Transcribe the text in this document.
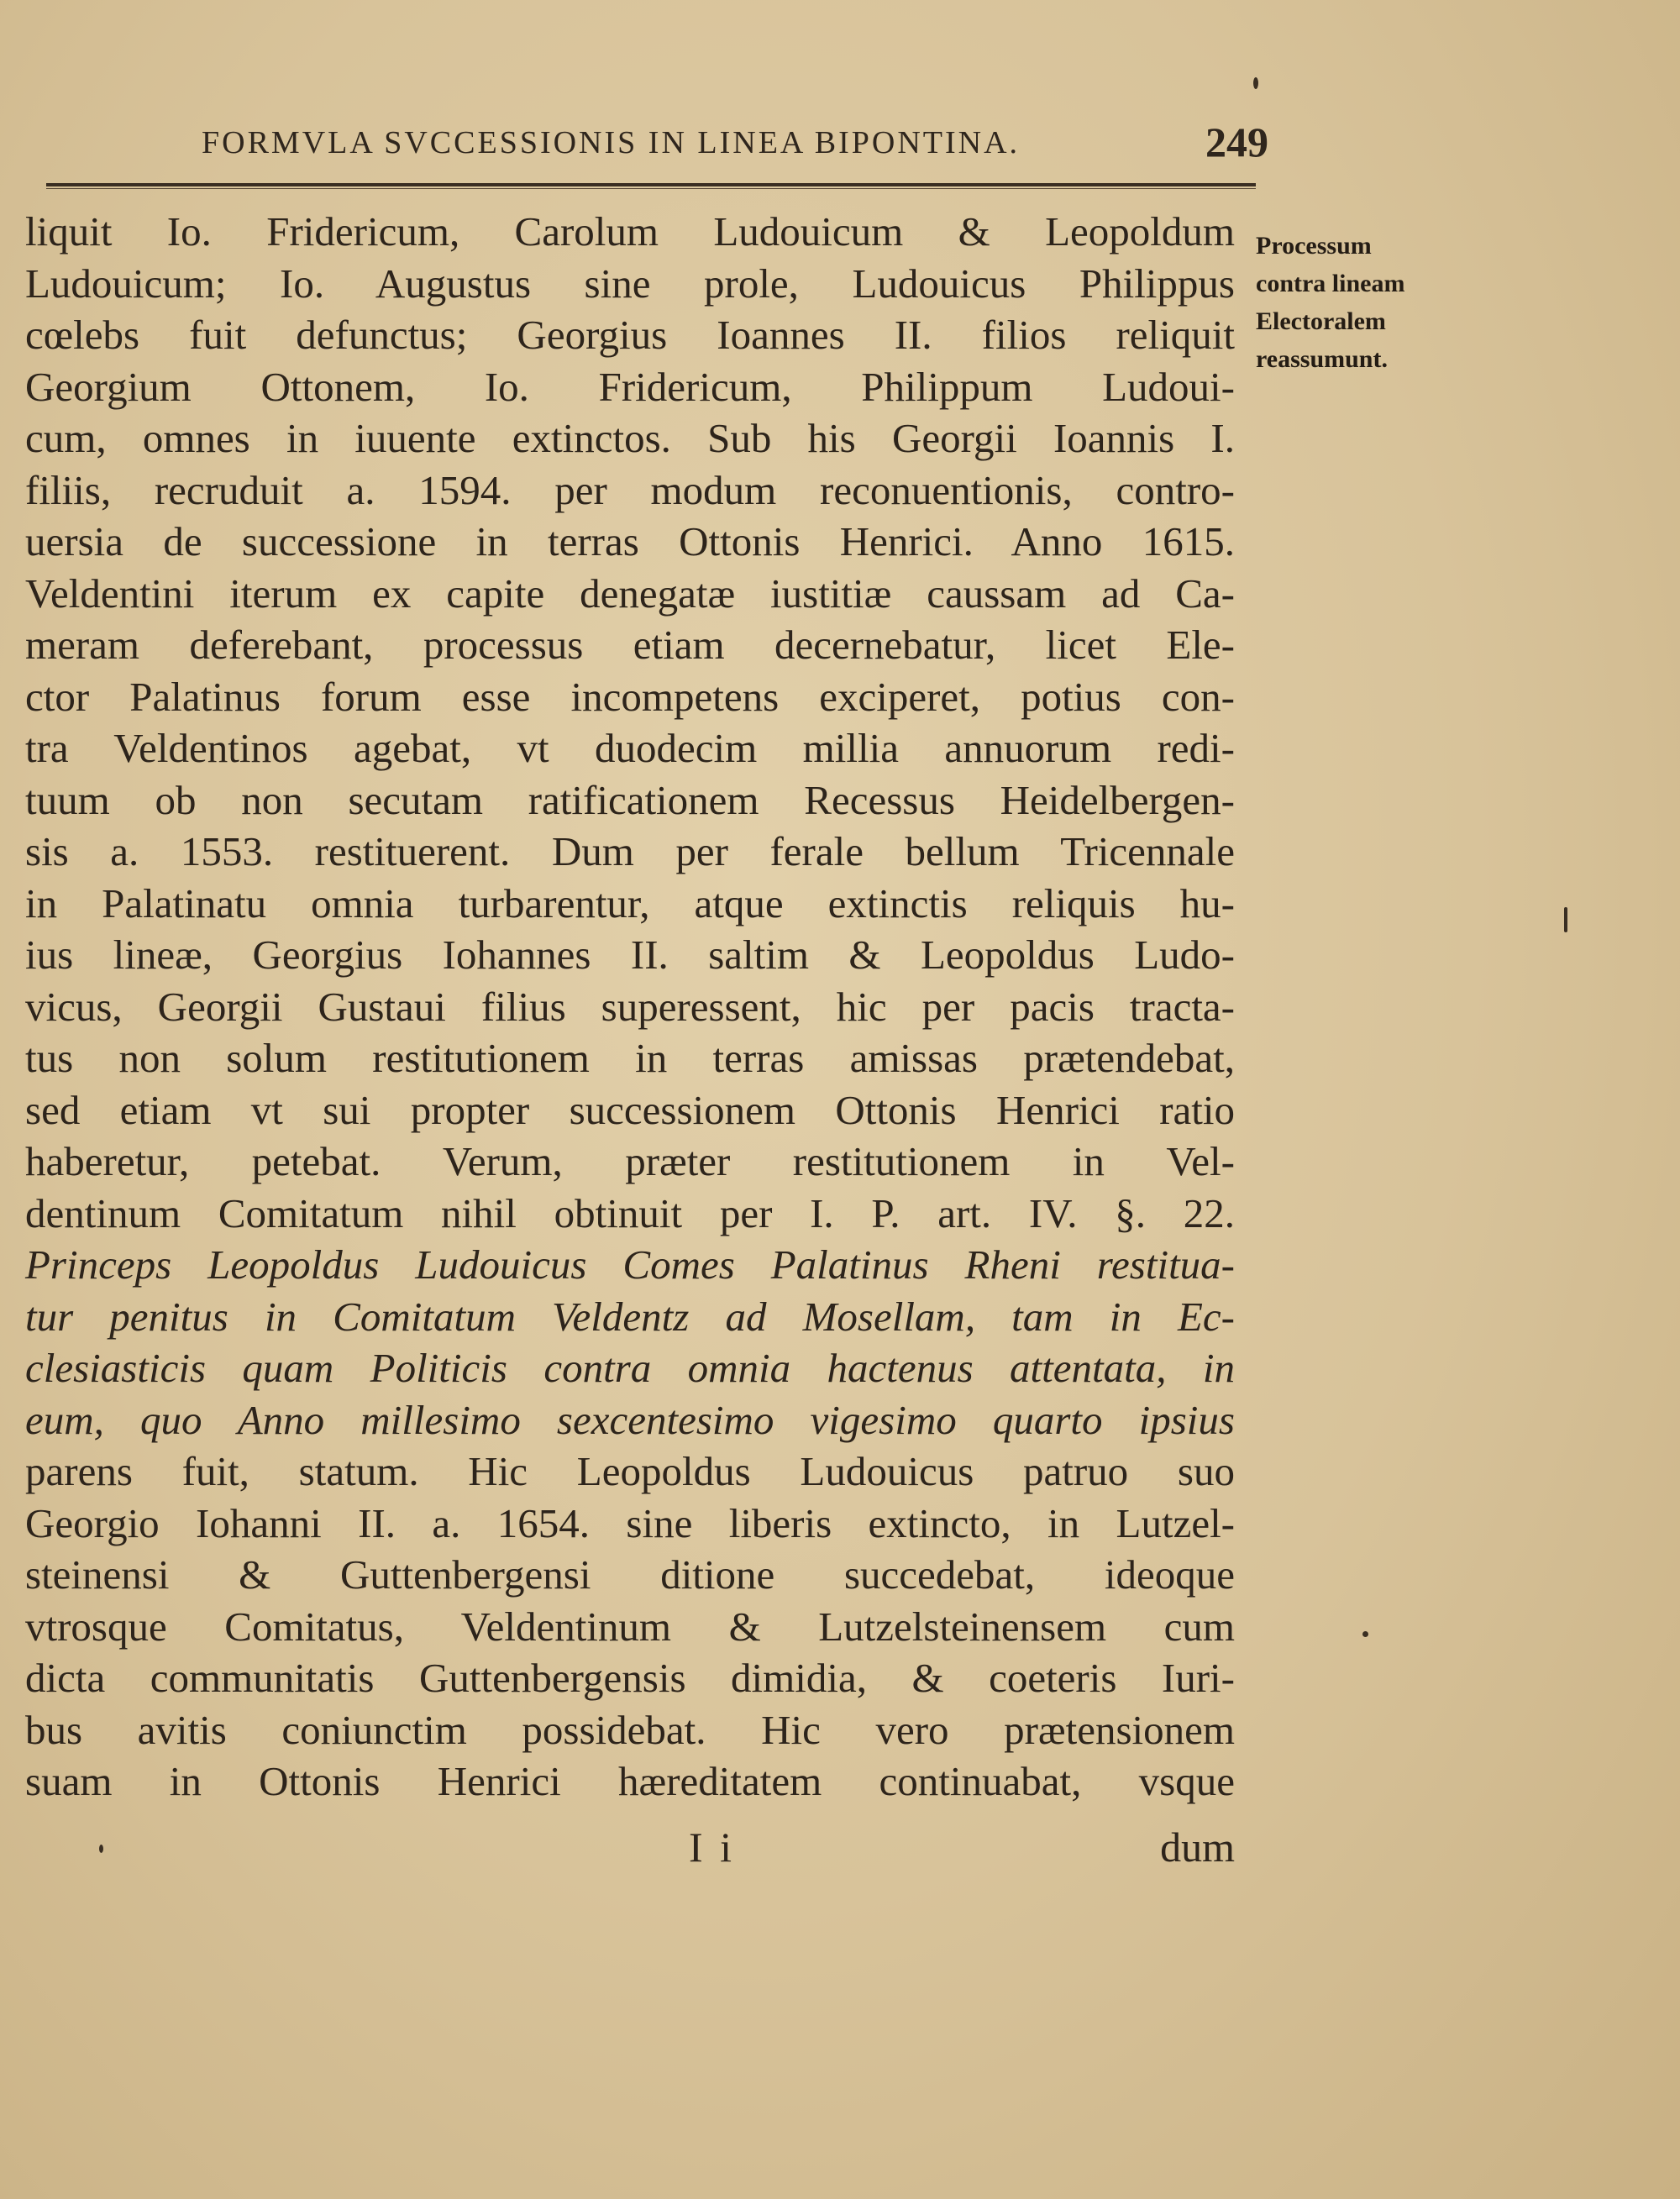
FORMVLA SVCCESSIONIS IN LINEA BIPONTINA.	249
liquit Io. Fridericum, Carolum Ludouicum & Leopoldum
Ludouicum; Io. Augustus sine prole, Ludouicus Philippus
cœlebs fuit defunctus; Georgius Ioannes II. filios reliquit
Georgium Ottonem, Io. Fridericum, Philippum Ludoui-
cum, omnes in iuuente extinctos. Sub his Georgii Ioannis I.
filiis, recruduit a. 1594. per modum reconuentionis, contro-
uersia de successione in terras Ottonis Henrici. Anno 1615.
Veldentini iterum ex capite denegatæ iustitiæ caussam ad Ca-
meram deferebant, processus etiam decernebatur, licet Ele-
ctor Palatinus forum esse incompetens exciperet, potius con-
tra Veldentinos agebat, vt duodecim millia annuorum redi-
tuum ob non secutam ratificationem Recessus Heidelbergen-
sis a. 1553. restituerent. Dum per ferale bellum Tricennale
in Palatinatu omnia turbarentur, atque extinctis reliquis hu-
ius lineæ, Georgius Iohannes II. saltim & Leopoldus Ludo-
vicus, Georgii Gustaui filius superessent, hic per pacis tracta-
tus non solum restitutionem in terras amissas prætendebat,
sed etiam vt sui propter successionem Ottonis Henrici ratio
haberetur, petebat. Verum, præter restitutionem in Vel-
dentinum Comitatum nihil obtinuit per I. P. art. IV. §. 22.
Princeps Leopoldus Ludouicus Comes Palatinus Rheni restitua-
tur penitus in Comitatum Veldentz ad Mosellam, tam in Ec-
clesiasticis quam Politicis contra omnia hactenus attentata, in
eum, quo Anno millesimo sexcentesimo vigesimo quarto ipsius
parens fuit, statum. Hic Leopoldus Ludouicus patruo suo
Georgio Iohanni II. a. 1654. sine liberis extincto, in Lutzel-
steinensi & Guttenbergensi ditione succedebat, ideoque
vtrosque Comitatus, Veldentinum & Lutzelsteinensem cum
dicta communitatis Guttenbergensis dimidia, & coeteris Iuri-
bus avitis coniunctim possidebat. Hic vero prætensionem
suam in Ottonis Henrici hæreditatem continuabat, vsque
Processum
contra lineam
Electoralem
reassumunt.
I i	dum
